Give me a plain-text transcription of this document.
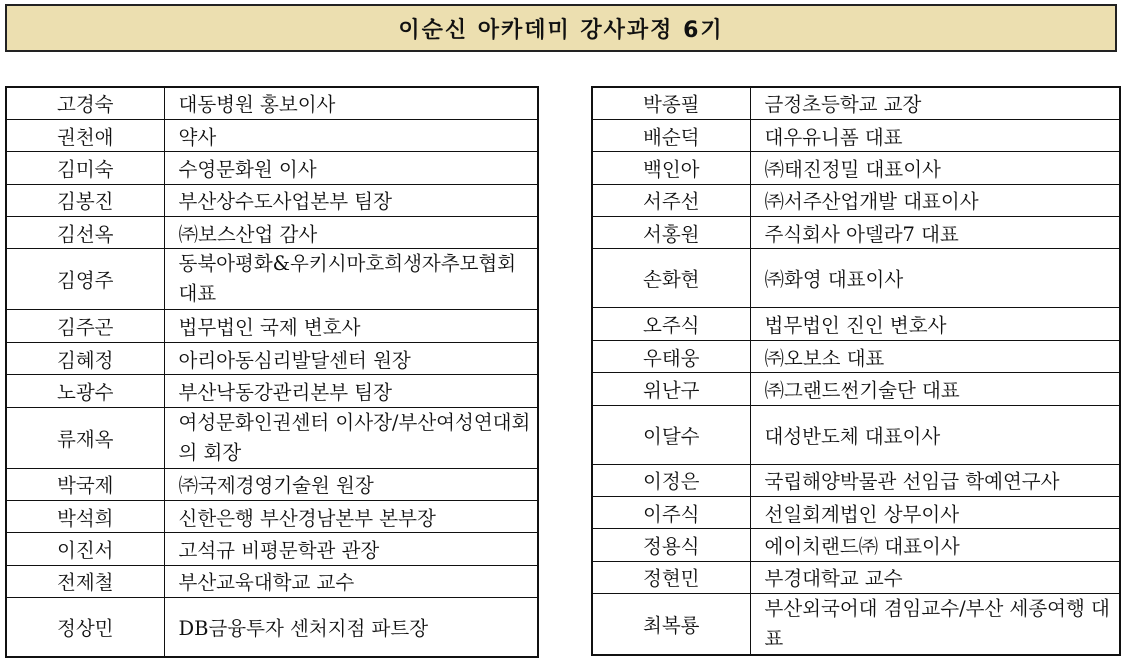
이순신 아카데미 강사과정 6기
고경숙	대동병원 홍보이사
권천애	약사
김미숙	수영문화원 이사
김봉진	부산상수도사업본부 팀장
김선옥	㈜보스산업 감사
김영주	동북아평화&우키시마호희생자추모협회 대표
김주곤	법무법인 국제 변호사
김혜정	아리아동심리발달센터 원장
노광수	부산낙동강관리본부 팀장
류재옥	여성문화인권센터 이사장/부산여성연대회의 회장
박국제	㈜국제경영기술원 원장
박석희	신한은행 부산경남본부 본부장
이진서	고석규 비평문학관 관장
전제철	부산교육대학교 교수
정상민	DB금융투자 센처지점 파트장
박종필	금정초등학교 교장
배순덕	대우유니폼 대표
백인아	㈜태진정밀 대표이사
서주선	㈜서주산업개발 대표이사
서홍원	주식회사 아델라7 대표
손화현	㈜화영 대표이사
오주식	법무법인 진인 변호사
우태웅	㈜오보소 대표
위난구	㈜그랜드썬기술단 대표
이달수	대성반도체 대표이사
이정은	국립해양박물관 선임급 학예연구사
이주식	선일회계법인 상무이사
정용식	에이치랜드㈜ 대표이사
정현민	부경대학교 교수
최복룡	부산외국어대 겸임교수/부산 세종여행 대표
